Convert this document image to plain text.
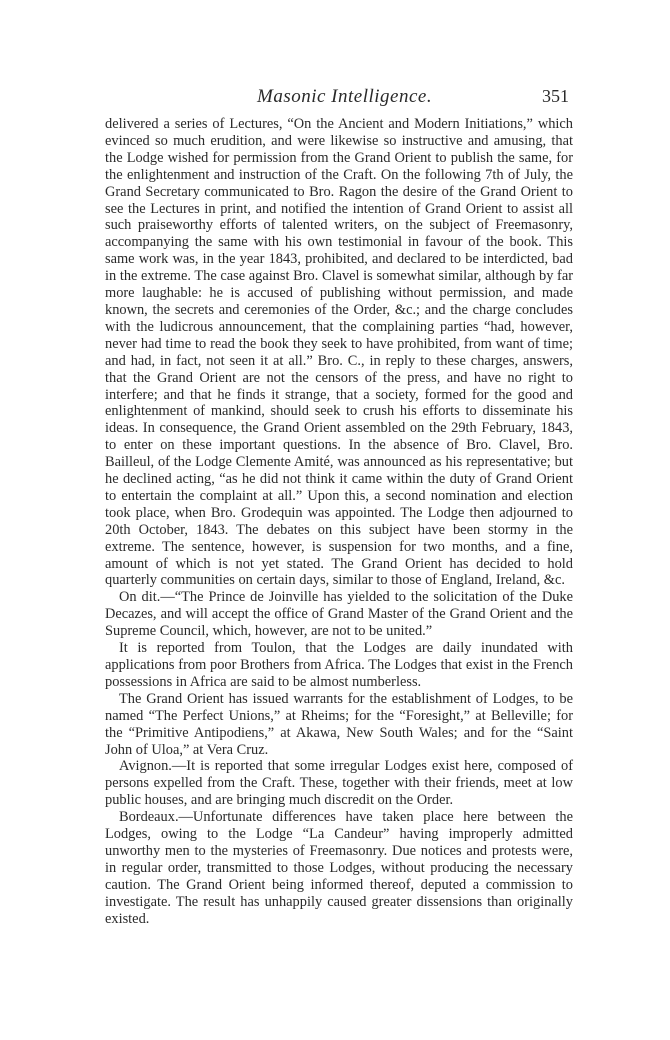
Masonic Intelligence.	351

delivered a series of Lectures, “On the Ancient and Modern Initiations,” which evinced so much erudition, and were likewise so instructive and amusing, that the Lodge wished for permission from the Grand Orient to publish the same, for the enlightenment and instruction of the Craft. On the following 7th of July, the Grand Secretary communicated to Bro. Ragon the desire of the Grand Orient to see the Lectures in print, and notified the intention of Grand Orient to assist all such praiseworthy efforts of talented writers, on the subject of Freemasonry, accompanying the same with his own testimonial in favour of the book. This same work was, in the year 1843, prohibited, and declared to be interdicted, bad in the extreme. The case against Bro. Clavel is somewhat similar, although by far more laughable: he is accused of publishing without permission, and made known, the secrets and ceremonies of the Order, &c.; and the charge concludes with the ludicrous announcement, that the complaining parties “had, however, never had time to read the book they seek to have prohibited, from want of time; and had, in fact, not seen it at all.” Bro. C., in reply to these charges, answers, that the Grand Orient are not the censors of the press, and have no right to interfere; and that he finds it strange, that a society, formed for the good and enlightenment of mankind, should seek to crush his efforts to disseminate his ideas. In consequence, the Grand Orient assembled on the 29th February, 1843, to enter on these important questions. In the absence of Bro. Clavel, Bro. Bailleul, of the Lodge Clemente Amité, was announced as his representative; but he declined acting, “as he did not think it came within the duty of Grand Orient to entertain the complaint at all.” Upon this, a second nomination and election took place, when Bro. Grodequin was appointed. The Lodge then adjourned to 20th October, 1843. The debates on this subject have been stormy in the extreme. The sentence, however, is suspension for two months, and a fine, amount of which is not yet stated. The Grand Orient has decided to hold quarterly communities on certain days, similar to those of England, Ireland, &c.

On dit.—“The Prince de Joinville has yielded to the solicitation of the Duke Decazes, and will accept the office of Grand Master of the Grand Orient and the Supreme Council, which, however, are not to be united.”

It is reported from Toulon, that the Lodges are daily inundated with applications from poor Brothers from Africa. The Lodges that exist in the French possessions in Africa are said to be almost numberless.

The Grand Orient has issued warrants for the establishment of Lodges, to be named “The Perfect Unions,” at Rheims; for the “Foresight,” at Belleville; for the “Primitive Antipodiens,” at Akawa, New South Wales; and for the “Saint John of Uloa,” at Vera Cruz.

Avignon.—It is reported that some irregular Lodges exist here, composed of persons expelled from the Craft. These, together with their friends, meet at low public houses, and are bringing much discredit on the Order.

Bordeaux.—Unfortunate differences have taken place here between the Lodges, owing to the Lodge “La Candeur” having improperly admitted unworthy men to the mysteries of Freemasonry. Due notices and protests were, in regular order, transmitted to those Lodges, without producing the necessary caution. The Grand Orient being informed thereof, deputed a commission to investigate. The result has unhappily caused greater dissensions than originally existed.
